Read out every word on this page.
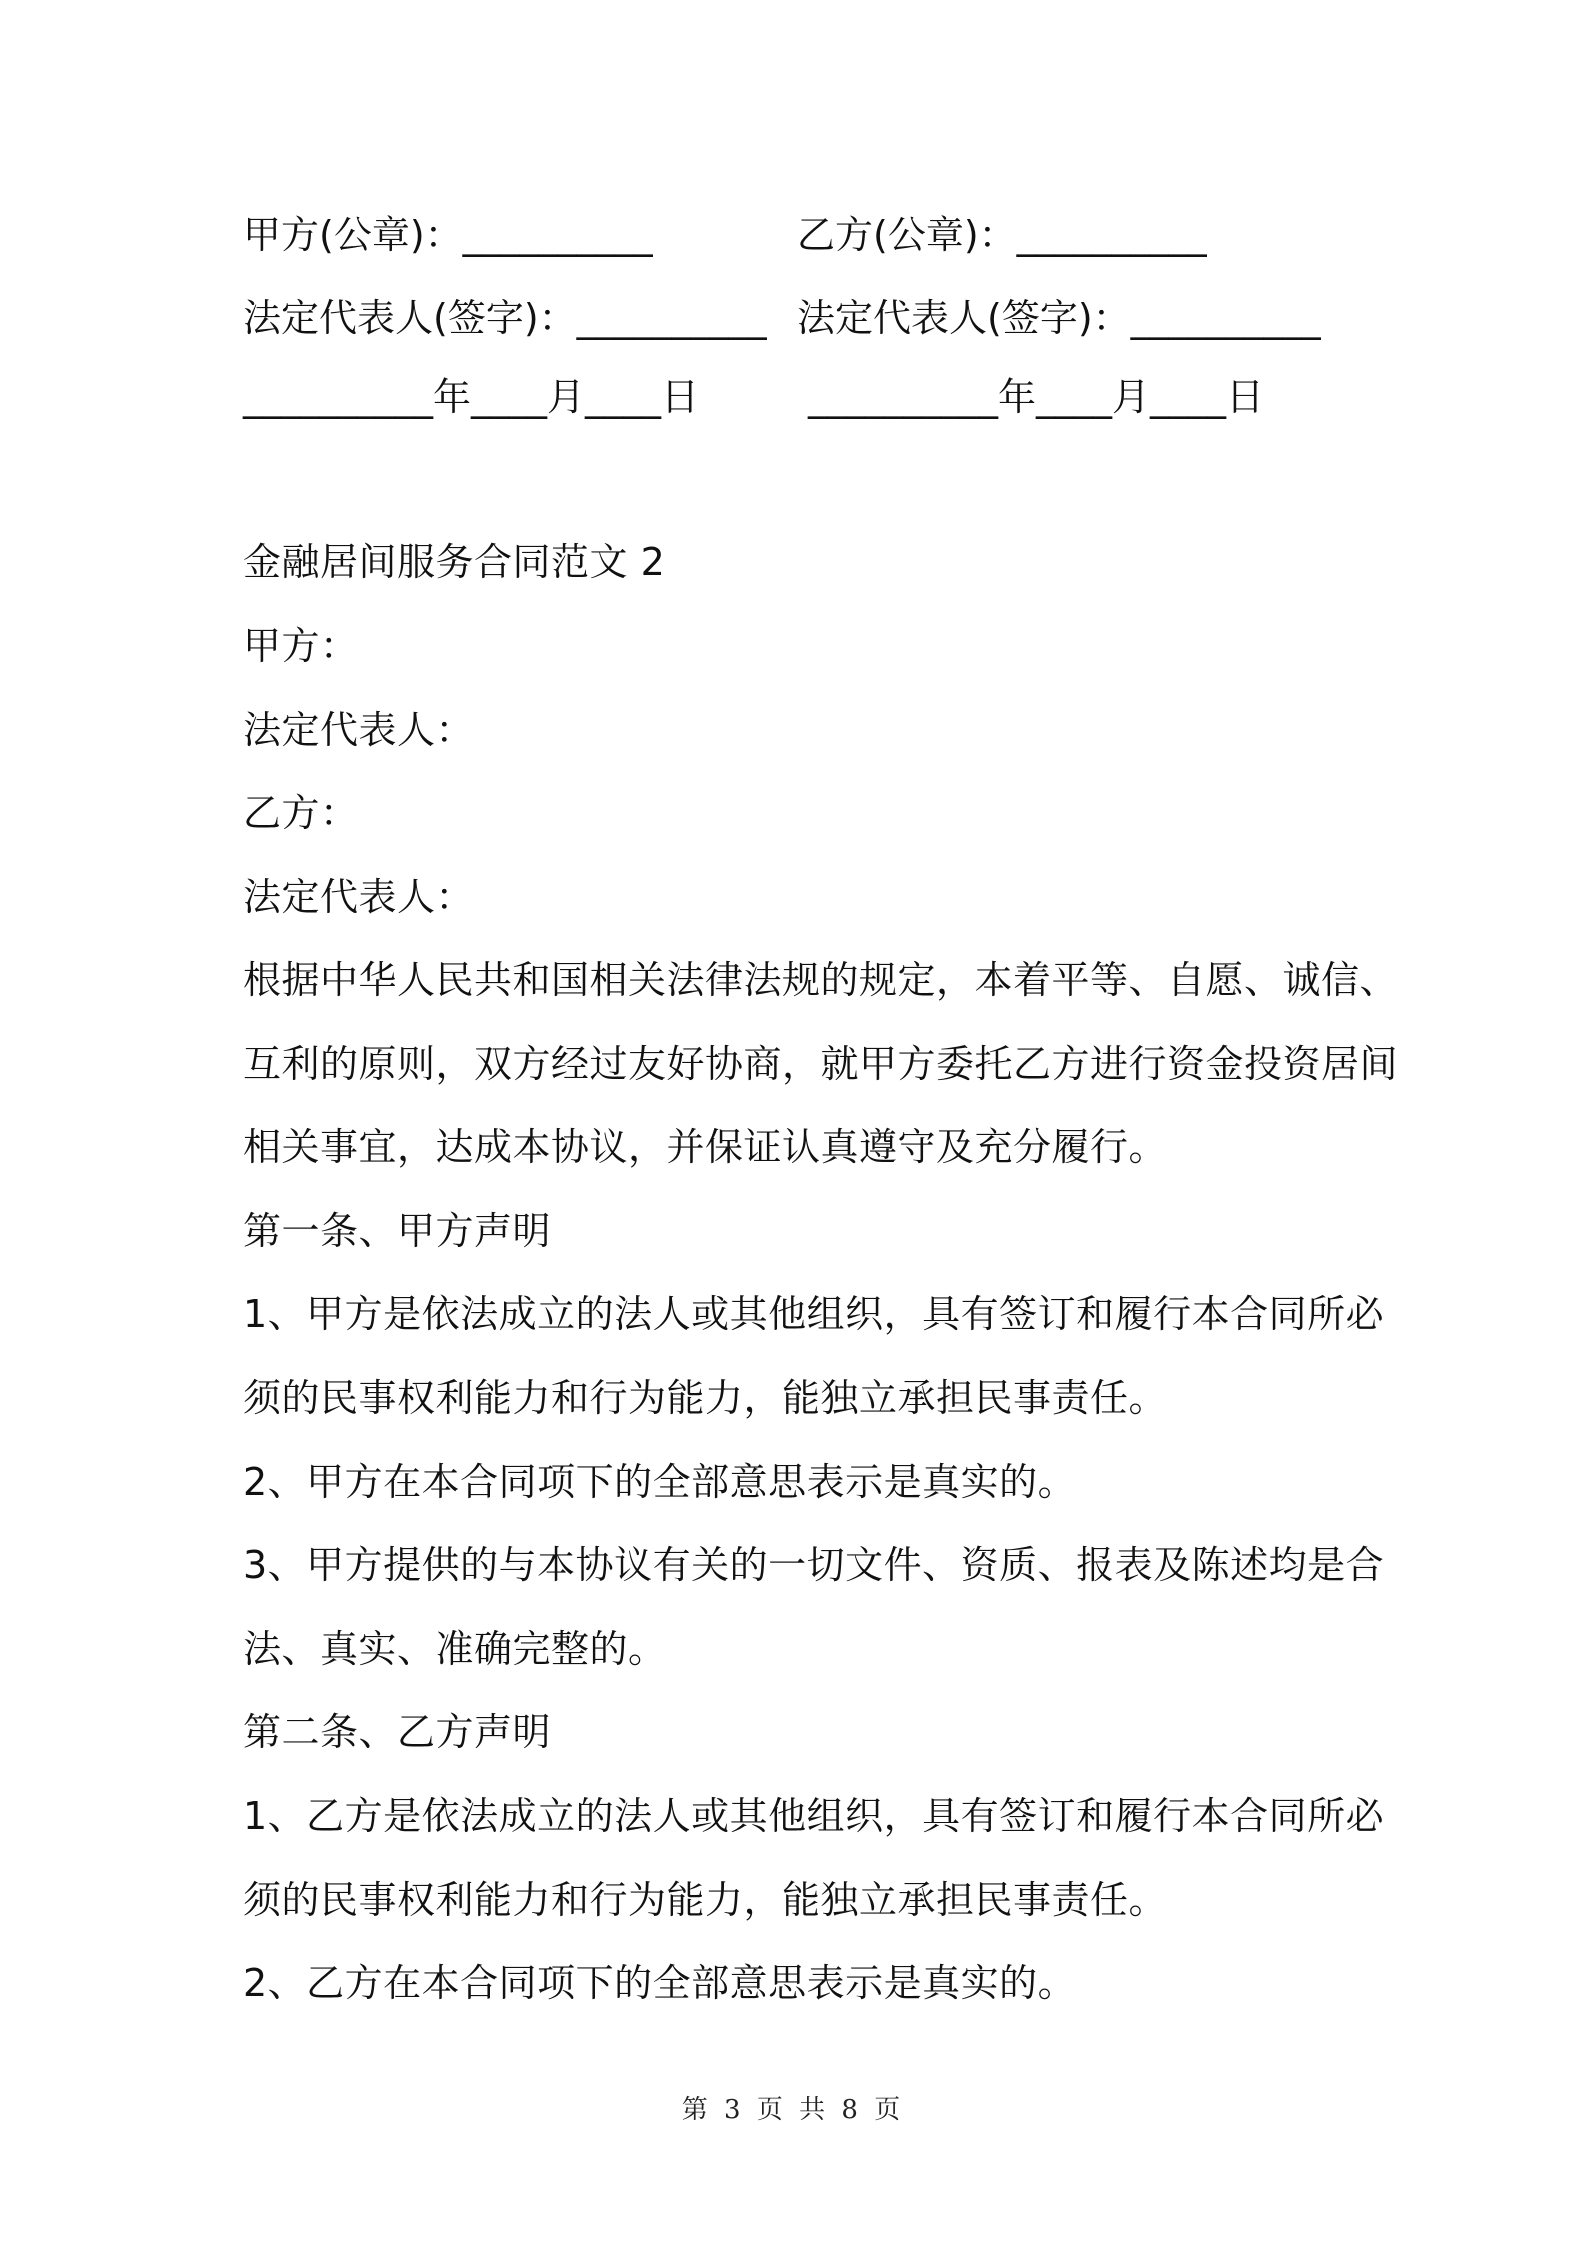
甲方(公章)：__________	乙方(公章)：__________
法定代表人(签字)：__________ 法定代表人(签字)：__________
__________年____月____日	__________年____月____日
金融居间服务合同范文 2
甲方：
法定代表人：
乙方：
法定代表人：
根据中华人民共和国相关法律法规的规定，本着平等、自愿、诚信、
互利的原则，双方经过友好协商，就甲方委托乙方进行资金投资居间
相关事宜，达成本协议，并保证认真遵守及充分履行。
第一条、甲方声明
1、甲方是依法成立的法人或其他组织，具有签订和履行本合同所必
须的民事权利能力和行为能力，能独立承担民事责任。
2、甲方在本合同项下的全部意思表示是真实的。
3、甲方提供的与本协议有关的一切文件、资质、报表及陈述均是合
法、真实、准确完整的。
第二条、乙方声明
1、乙方是依法成立的法人或其他组织，具有签订和履行本合同所必
须的民事权利能力和行为能力，能独立承担民事责任。
2、乙方在本合同项下的全部意思表示是真实的。
第 3 页 共 8 页
